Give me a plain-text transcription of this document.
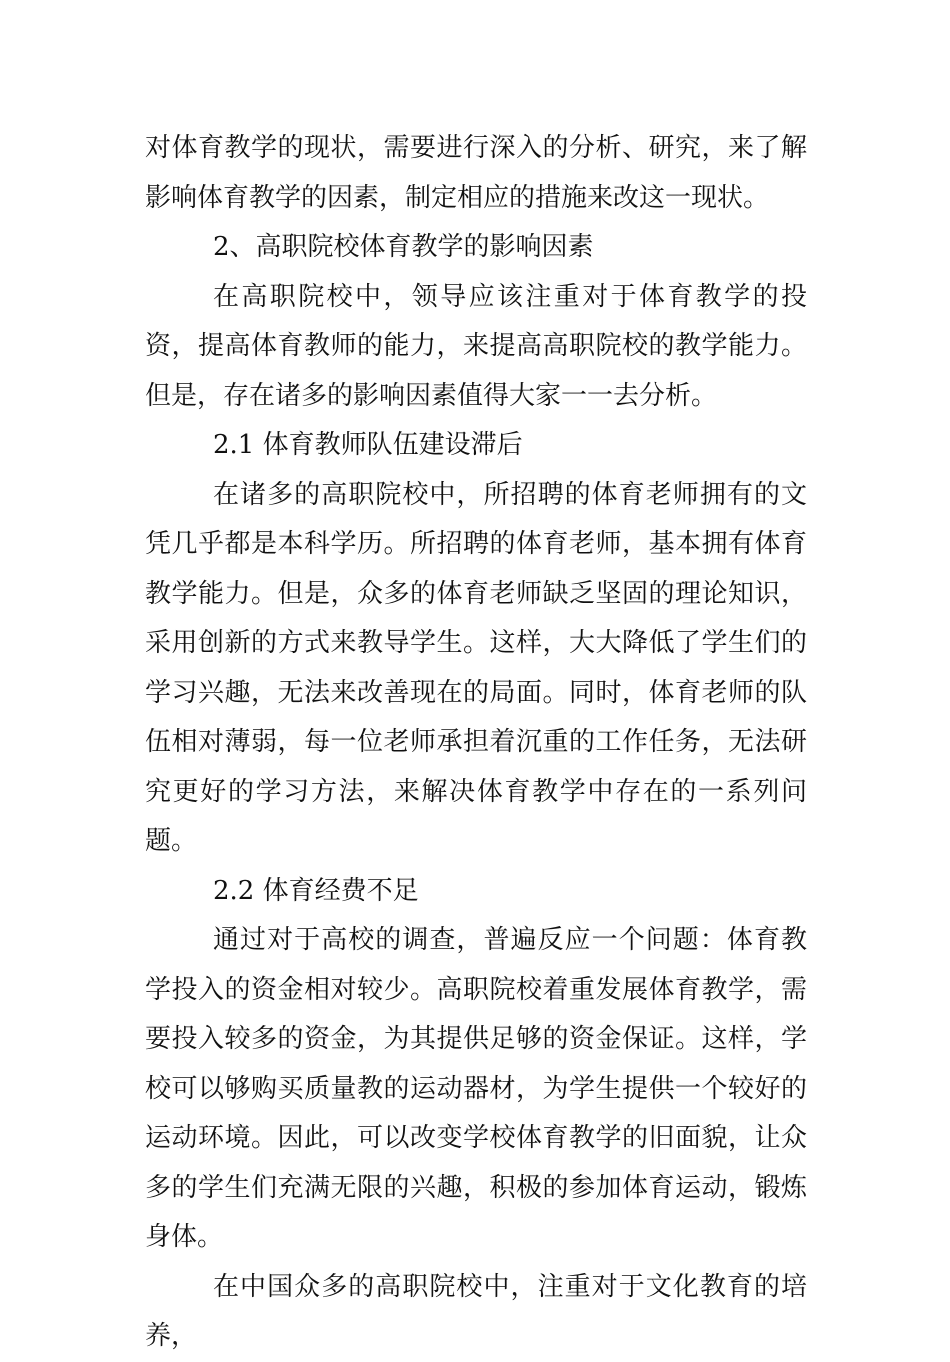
对体育教学的现状，需要进行深入的分析、研究，来了解影响体育教学的因素，制定相应的措施来改这一现状。

2、高职院校体育教学的影响因素

在高职院校中，领导应该注重对于体育教学的投资，提高体育教师的能力，来提高高职院校的教学能力。但是，存在诸多的影响因素值得大家一一去分析。

2.1 体育教师队伍建设滞后

在诸多的高职院校中，所招聘的体育老师拥有的文凭几乎都是本科学历。所招聘的体育老师，基本拥有体育教学能力。但是，众多的体育老师缺乏坚固的理论知识，采用创新的方式来教导学生。这样，大大降低了学生们的学习兴趣，无法来改善现在的局面。同时，体育老师的队伍相对薄弱，每一位老师承担着沉重的工作任务，无法研究更好的学习方法，来解决体育教学中存在的一系列问题。

2.2 体育经费不足

通过对于高校的调查，普遍反应一个问题：体育教学投入的资金相对较少。高职院校着重发展体育教学，需要投入较多的资金，为其提供足够的资金保证。这样，学校可以够购买质量教的运动器材，为学生提供一个较好的运动环境。因此，可以改变学校体育教学的旧面貌，让众多的学生们充满无限的兴趣，积极的参加体育运动，锻炼身体。

在中国众多的高职院校中，注重对于文化教育的培养，
